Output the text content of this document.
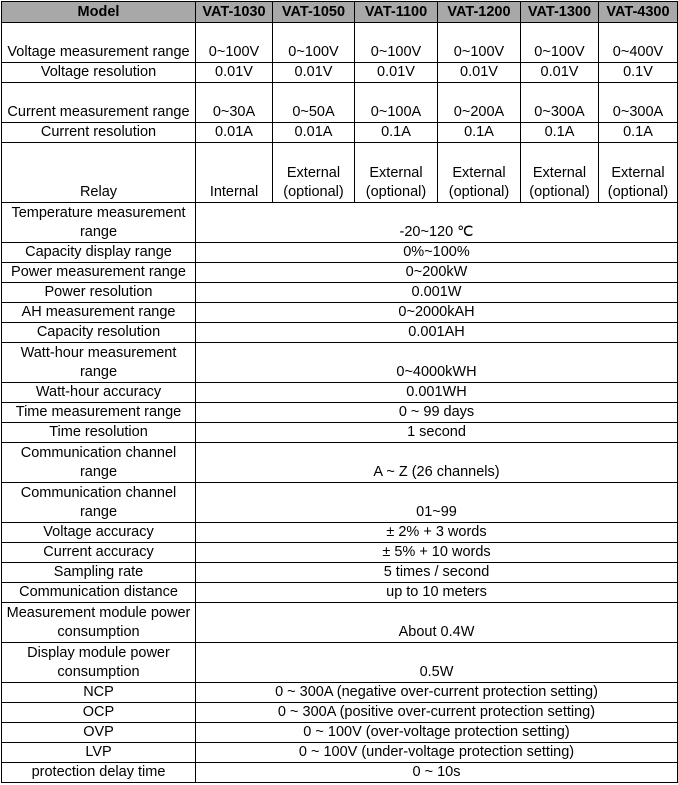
Model	VAT-1030	VAT-1050	VAT-1100	VAT-1200	VAT-1300	VAT-4300
Voltage measurement range	0~100V	0~100V	0~100V	0~100V	0~100V	0~400V
Voltage resolution	0.01V	0.01V	0.01V	0.01V	0.01V	0.1V
Current measurement range	0~30A	0~50A	0~100A	0~200A	0~300A	0~300A
Current resolution	0.01A	0.01A	0.1A	0.1A	0.1A	0.1A
Relay	Internal	External (optional)	External (optional)	External (optional)	External (optional)	External (optional)
Temperature measurement range	-20~120 ℃					
Capacity display range	0%~100%					
Power measurement range	0~200kW					
Power resolution	0.001W					
AH measurement range	0~2000kAH					
Capacity resolution	0.001AH					
Watt-hour measurement range	0~4000kWH					
Watt-hour accuracy	0.001WH					
Time measurement range	0 ~ 99 days					
Time resolution	1 second					
Communication channel range	A ~ Z (26 channels)					
Communication channel range	01~99					
Voltage accuracy	± 2% + 3 words					
Current accuracy	± 5% + 10 words					
Sampling rate	5 times / second					
Communication distance	up to 10 meters					
Measurement module power consumption	About 0.4W					
Display module power consumption	0.5W					
NCP	0 ~ 300A (negative over-current protection setting)					
OCP	0 ~ 300A (positive over-current protection setting)					
OVP	0 ~ 100V (over-voltage protection setting)					
LVP	0 ~ 100V (under-voltage protection setting)					
protection delay time	0 ~ 10s					
